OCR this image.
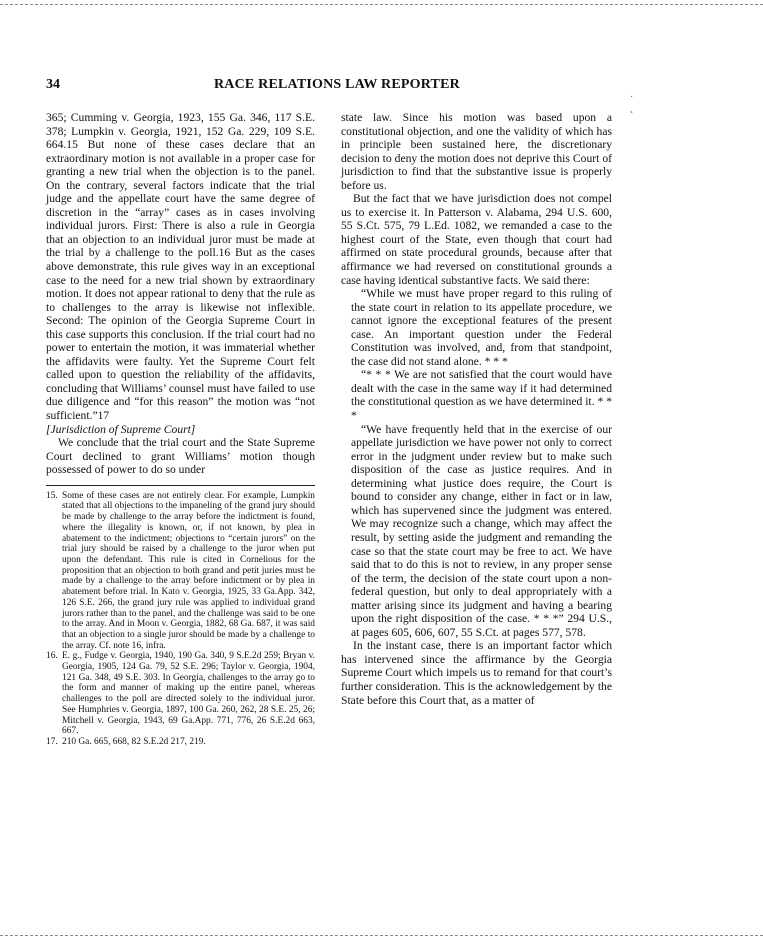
34	RACE RELATIONS LAW REPORTER
·
˛

365; Cumming v. Georgia, 1923, 155 Ga. 346, 117 S.E. 378; Lumpkin v. Georgia, 1921, 152 Ga. 229, 109 S.E. 664.15 But none of these cases declare that an extraordinary motion is not available in a proper case for granting a new trial when the objection is to the panel. On the contrary, several factors indicate that the trial judge and the appellate court have the same degree of discretion in the “array” cases as in cases involving individual jurors. First: There is also a rule in Georgia that an objection to an individual juror must be made at the trial by a challenge to the poll.16 But as the cases above demonstrate, this rule gives way in an exceptional case to the need for a new trial shown by extraordinary motion. It does not appear rational to deny that the rule as to challenges to the array is likewise not inflexible. Second: The opinion of the Georgia Supreme Court in this case supports this conclusion. If the trial court had no power to entertain the motion, it was immaterial whether the affidavits were faulty. Yet the Supreme Court felt called upon to question the reliability of the affidavits, concluding that Williams’ counsel must have failed to use due diligence and “for this reason” the motion was “not sufficient.”17

[Jurisdiction of Supreme Court]

We conclude that the trial court and the State Supreme Court declined to grant Williams’ motion though possessed of power to do so under

15. Some of these cases are not entirely clear. For example, Lumpkin stated that all objections to the impaneling of the grand jury should be made by challenge to the array before the indictment is found, where the illegality is known, or, if not known, by plea in abatement to the indictment; objections to “certain jurors” on the trial jury should be raised by a challenge to the juror when put upon the defendant. This rule is cited in Cornelious for the proposition that an objection to both grand and petit juries must be made by a challenge to the array before indictment or by plea in abatement before trial. In Kato v. Georgia, 1925, 33 Ga.App. 342, 126 S.E. 266, the grand jury rule was applied to individual grand jurors rather than to the panel, and the challenge was said to be one to the array. And in Moon v. Georgia, 1882, 68 Ga. 687, it was said that an objection to a single juror should be made by a challenge to the array. Cf. note 16, infra.
16. E. g., Fudge v. Georgia, 1940, 190 Ga. 340, 9 S.E.2d 259; Bryan v. Georgia, 1905, 124 Ga. 79, 52 S.E. 296; Taylor v. Georgia, 1904, 121 Ga. 348, 49 S.E. 303. In Georgia, challenges to the array go to the form and manner of making up the entire panel, whereas challenges to the poll are directed solely to the individual juror. See Humphries v. Georgia, 1897, 100 Ga. 260, 262, 28 S.E. 25, 26; Mitchell v. Georgia, 1943, 69 Ga.App. 771, 776, 26 S.E.2d 663, 667.
17. 210 Ga. 665, 668, 82 S.E.2d 217, 219.

state law. Since his motion was based upon a constitutional objection, and one the validity of which has in principle been sustained here, the discretionary decision to deny the motion does not deprive this Court of jurisdiction to find that the substantive issue is properly before us.

But the fact that we have jurisdiction does not compel us to exercise it. In Patterson v. Alabama, 294 U.S. 600, 55 S.Ct. 575, 79 L.Ed. 1082, we remanded a case to the highest court of the State, even though that court had affirmed on state procedural grounds, because after that affirmance we had reversed on constitutional grounds a case having identical substantive facts. We said there:

“While we must have proper regard to this ruling of the state court in relation to its appellate procedure, we cannot ignore the exceptional features of the present case. An important question under the Federal Constitution was involved, and, from that standpoint, the case did not stand alone. * * *

“* * * We are not satisfied that the court would have dealt with the case in the same way if it had determined the constitutional question as we have determined it. * * *

“We have frequently held that in the exercise of our appellate jurisdiction we have power not only to correct error in the judgment under review but to make such disposition of the case as justice requires. And in determining what justice does require, the Court is bound to consider any change, either in fact or in law, which has supervened since the judgment was entered. We may recognize such a change, which may affect the result, by setting aside the judgment and remanding the case so that the state court may be free to act. We have said that to do this is not to review, in any proper sense of the term, the decision of the state court upon a non-federal question, but only to deal appropriately with a matter arising since its judgment and having a bearing upon the right disposition of the case. * * *” 294 U.S., at pages 605, 606, 607, 55 S.Ct. at pages 577, 578.

In the instant case, there is an important factor which has intervened since the affirmance by the Georgia Supreme Court which impels us to remand for that court’s further consideration. This is the acknowledgement by the State before this Court that, as a matter of
